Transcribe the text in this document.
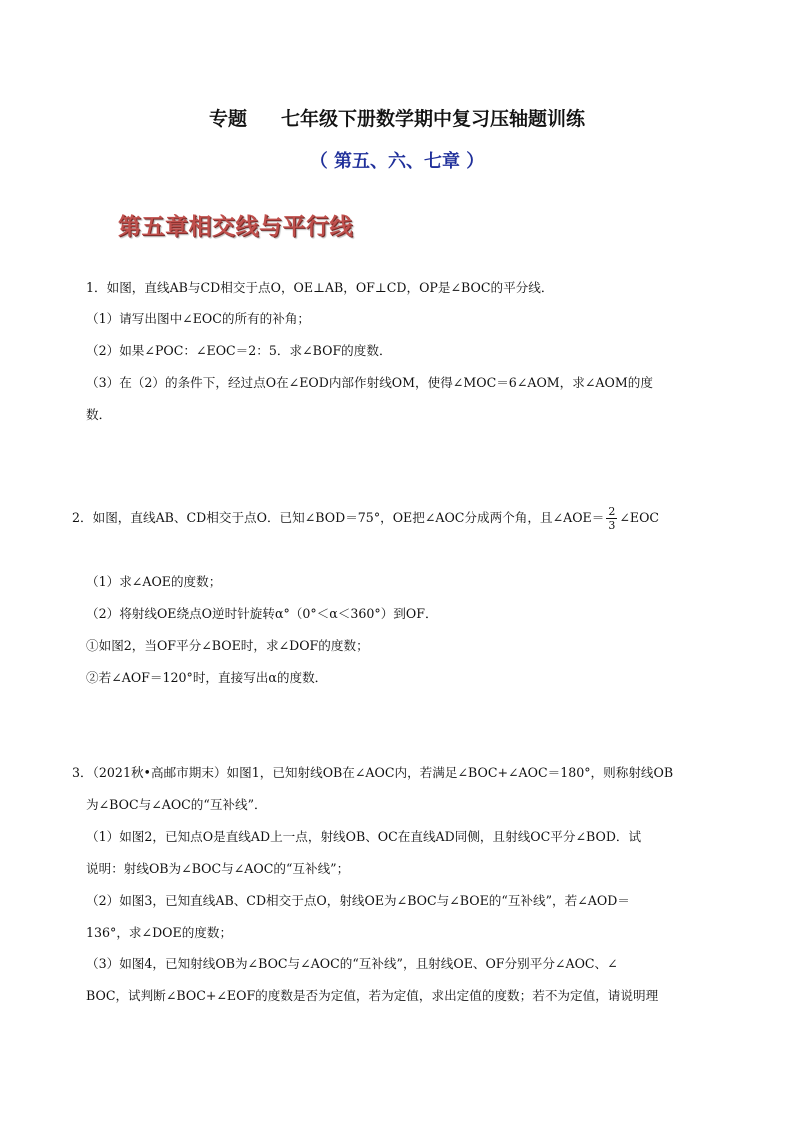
专题 七年级下册数学期中复习压轴题训练
（ 第五、六、七章 ）
第五章相交线与平行线
1．如图，直线AB与CD相交于点O，OE⊥AB，OF⊥CD，OP是∠BOC的平分线．
（1）请写出图中∠EOC的所有的补角；
（2）如果∠POC：∠EOC＝2：5．求∠BOF的度数．
（3）在（2）的条件下，经过点O在∠EOD内部作射线OM，使得∠MOC＝6∠AOM，求∠AOM的度
数．
2．如图，直线AB、CD相交于点O．已知∠BOD＝75°，OE把∠AOC分成两个角，且∠AOE＝ $\frac{2}{3}$ ∠EOC
（1）求∠AOE的度数；
（2）将射线OE绕点O逆时针旋转α°（0°＜α＜360°）到OF．
①如图2，当OF平分∠BOE时，求∠DOF的度数；
②若∠AOF＝120°时，直接写出α的度数．
3．（2021秋•高邮市期末）如图1，已知射线OB在∠AOC内，若满足∠BOC+∠AOC＝180°，则称射线OB
为∠BOC与∠AOC的“互补线”．
（1）如图2，已知点O是直线AD上一点，射线OB、OC在直线AD同侧，且射线OC平分∠BOD．试
说明：射线OB为∠BOC与∠AOC的“互补线”；
（2）如图3，已知直线AB、CD相交于点O，射线OE为∠BOC与∠BOE的“互补线”，若∠AOD＝
136°，求∠DOE的度数；
（3）如图4，已知射线OB为∠BOC与∠AOC的“互补线”，且射线OE、OF分别平分∠AOC、∠
BOC，试判断∠BOC+∠EOF的度数是否为定值，若为定值，求出定值的度数；若不为定值，请说明理
